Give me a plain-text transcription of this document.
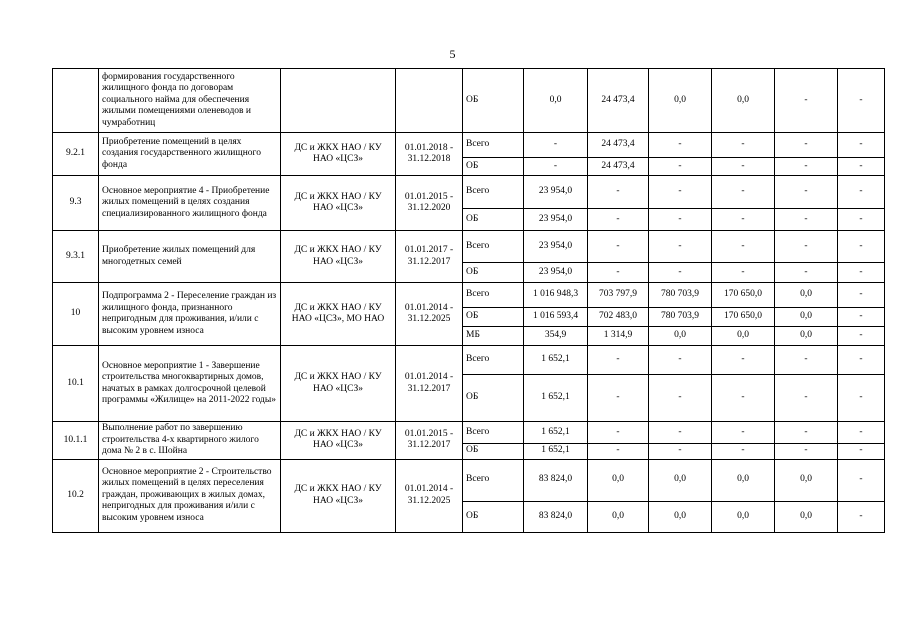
5
	формирования государственного жилищного фонда по договорам социального найма для обеспечения жилыми помещениями оленеводов и чумработниц			ОБ	0,0	24 473,4	0,0	0,0	-	-
9.2.1	Приобретение помещений в целях создания государственного жилищного фонда	ДС и ЖКХ НАО / КУ НАО «ЦСЗ»	01.01.2018 - 31.12.2018	Всего	-	24 473,4	-	-	-	-
				ОБ	-	24 473,4	-	-	-	-
9.3	Основное мероприятие 4 - Приобретение жилых помещений в целях создания специализированного жилищного фонда	ДС и ЖКХ НАО / КУ НАО «ЦСЗ»	01.01.2015 - 31.12.2020	Всего	23 954,0	-	-	-	-	-
				ОБ	23 954,0	-	-	-	-	-
9.3.1	Приобретение жилых помещений для многодетных семей	ДС и ЖКХ НАО / КУ НАО «ЦСЗ»	01.01.2017 - 31.12.2017	Всего	23 954,0	-	-	-	-	-
				ОБ	23 954,0	-	-	-	-	-
10	Подпрограмма 2 - Переселение граждан из жилищного фонда, признанного непригодным для проживания, и/или с высоким уровнем износа	ДС и ЖКХ НАО / КУ НАО «ЦСЗ», МО НАО	01.01.2014 - 31.12.2025	Всего	1 016 948,3	703 797,9	780 703,9	170 650,0	0,0	-
				ОБ	1 016 593,4	702 483,0	780 703,9	170 650,0	0,0	-
				МБ	354,9	1 314,9	0,0	0,0	0,0	-
10.1	Основное мероприятие 1 - Завершение строительства многоквартирных домов, начатых в рамках долгосрочной целевой программы «Жилище» на 2011-2022 годы»	ДС и ЖКХ НАО / КУ НАО «ЦСЗ»	01.01.2014 - 31.12.2017	Всего	1 652,1	-	-	-	-	-
				ОБ	1 652,1	-	-	-	-	-
10.1.1	Выполнение работ по завершению строительства 4-х квартирного жилого дома № 2 в с. Шойна	ДС и ЖКХ НАО / КУ НАО «ЦСЗ»	01.01.2015 - 31.12.2017	Всего	1 652,1	-	-	-	-	-
				ОБ	1 652,1	-	-	-	-	-
10.2	Основное мероприятие 2 - Строительство жилых помещений в целях переселения граждан, проживающих в жилых домах, непригодных для проживания и/или с высоким уровнем износа	ДС и ЖКХ НАО / КУ НАО «ЦСЗ»	01.01.2014 - 31.12.2025	Всего	83 824,0	0,0	0,0	0,0	0,0	-
				ОБ	83 824,0	0,0	0,0	0,0	0,0	-
